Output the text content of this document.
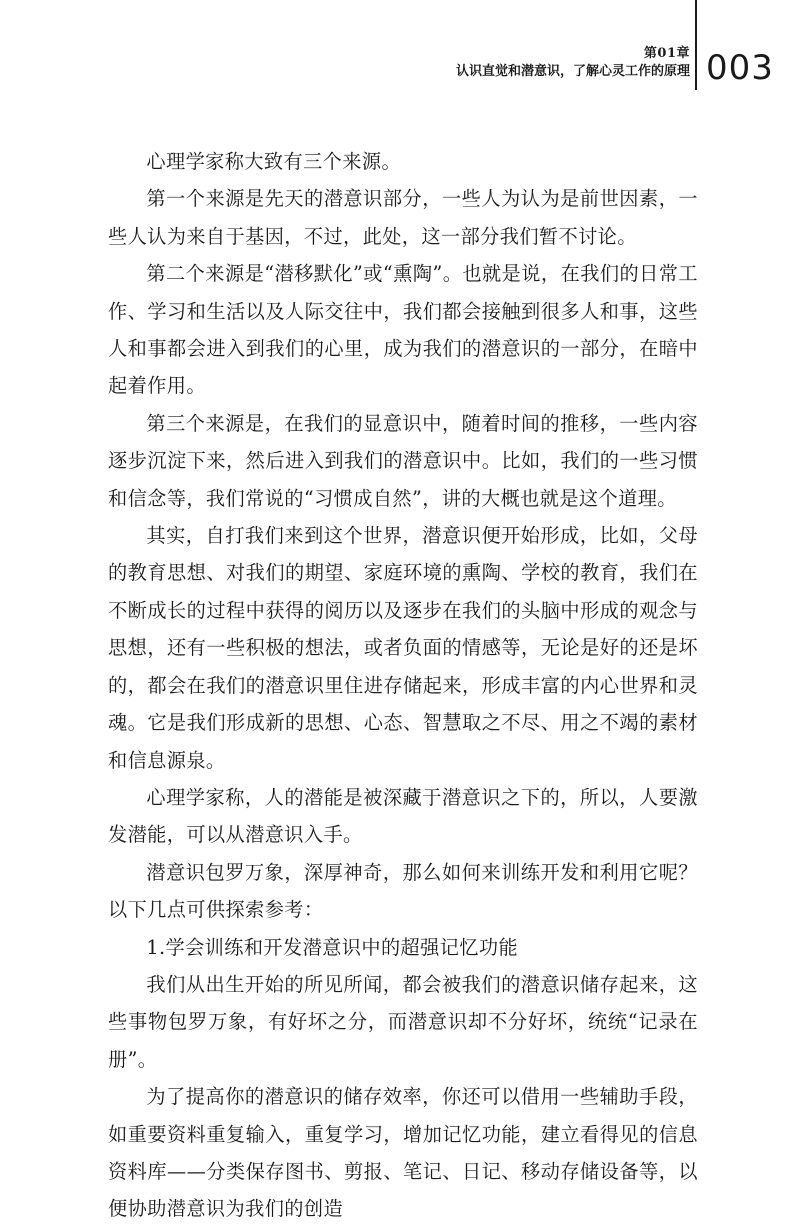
第01章
认识直觉和潜意识，了解心灵工作的原理 003

心理学家称大致有三个来源。

第一个来源是先天的潜意识部分，一些人为认为是前世因素，一些人认为来自于基因，不过，此处，这一部分我们暂不讨论。

第二个来源是“潜移默化”或“熏陶”。也就是说，在我们的日常工作、学习和生活以及人际交往中，我们都会接触到很多人和事，这些人和事都会进入到我们的心里，成为我们的潜意识的一部分，在暗中起着作用。

第三个来源是，在我们的显意识中，随着时间的推移，一些内容逐步沉淀下来，然后进入到我们的潜意识中。比如，我们的一些习惯和信念等，我们常说的“习惯成自然”，讲的大概也就是这个道理。

其实，自打我们来到这个世界，潜意识便开始形成，比如，父母的教育思想、对我们的期望、家庭环境的熏陶、学校的教育，我们在不断成长的过程中获得的阅历以及逐步在我们的头脑中形成的观念与思想，还有一些积极的想法，或者负面的情感等，无论是好的还是坏的，都会在我们的潜意识里住进存储起来，形成丰富的内心世界和灵魂。它是我们形成新的思想、心态、智慧取之不尽、用之不竭的素材和信息源泉。

心理学家称，人的潜能是被深藏于潜意识之下的，所以，人要激发潜能，可以从潜意识入手。

潜意识包罗万象，深厚神奇，那么如何来训练开发和利用它呢？以下几点可供探索参考：

1.学会训练和开发潜意识中的超强记忆功能

我们从出生开始的所见所闻，都会被我们的潜意识储存起来，这些事物包罗万象，有好坏之分，而潜意识却不分好坏，统统“记录在册”。

为了提高你的潜意识的储存效率，你还可以借用一些辅助手段，如重要资料重复输入，重复学习，增加记忆功能，建立看得见的信息资料库——分类保存图书、剪报、笔记、日记、移动存储设备等，以便协助潜意识为我们的创造
